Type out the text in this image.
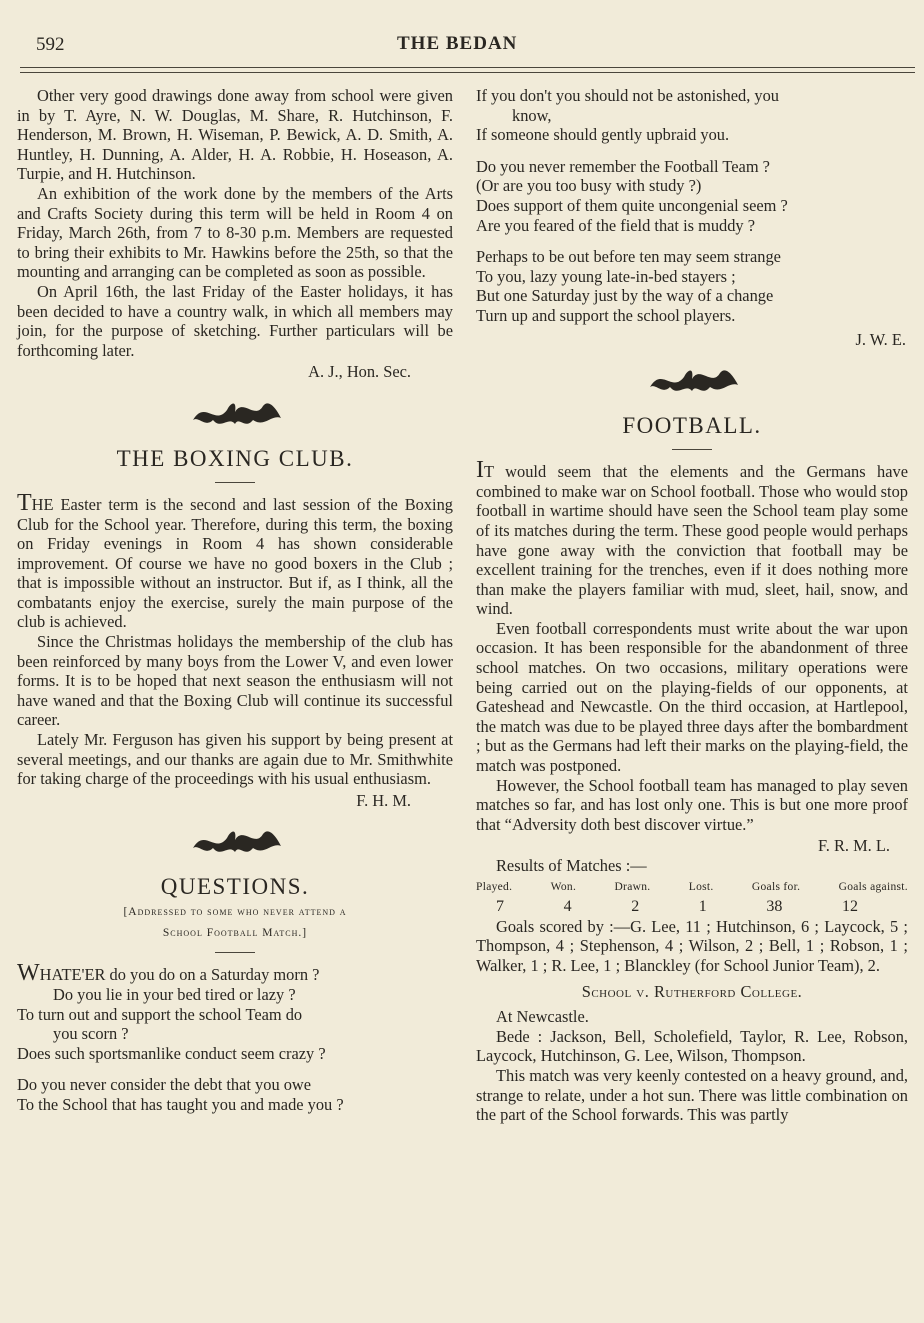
592	THE BEDAN

Other very good drawings done away from school were given in by T. Ayre, N. W. Douglas, M. Share, R. Hutchinson, F. Henderson, M. Brown, H. Wiseman, P. Bewick, A. D. Smith, A. Huntley, H. Dunning, A. Alder, H. A. Robbie, H. Hoseason, A. Turpie, and H. Hutchinson.

An exhibition of the work done by the members of the Arts and Crafts Society during this term will be held in Room 4 on Friday, March 26th, from 7 to 8-30 p.m. Members are requested to bring their exhibits to Mr. Hawkins before the 25th, so that the mounting and arranging can be completed as soon as possible.

On April 16th, the last Friday of the Easter holidays, it has been decided to have a country walk, in which all members may join, for the purpose of sketching. Further particulars will be forthcoming later.

A. J., Hon. Sec.

THE BOXING CLUB.

THE Easter term is the second and last session of the Boxing Club for the School year. Therefore, during this term, the boxing on Friday evenings in Room 4 has shown considerable improvement. Of course we have no good boxers in the Club ; that is impossible without an instructor. But if, as I think, all the combatants enjoy the exercise, surely the main purpose of the club is achieved.

Since the Christmas holidays the membership of the club has been reinforced by many boys from the Lower V, and even lower forms. It is to be hoped that next season the enthusiasm will not have waned and that the Boxing Club will continue its successful career.

Lately Mr. Ferguson has given his support by being present at several meetings, and our thanks are again due to Mr. Smithwhite for taking charge of the proceedings with his usual enthusiasm.

F. H. M.

QUESTIONS.
[Addressed to some who never attend a
School Football Match.]
WHATE'ER do you do on a Saturday morn ?
Do you lie in your bed tired or lazy ?
To turn out and support the school Team do
you scorn ?
Does such sportsmanlike conduct seem crazy ?
Do you never consider the debt that you owe
To the School that has taught you and made you ?
If you don't you should not be astonished, you
know,
If someone should gently upbraid you.
Do you never remember the Football Team ?
(Or are you too busy with study ?)
Does support of them quite uncongenial seem ?
Are you feared of the field that is muddy ?
Perhaps to be out before ten may seem strange
To you, lazy young late-in-bed stayers ;
But one Saturday just by the way of a change
Turn up and support the school players.

J. W. E.

FOOTBALL.

IT would seem that the elements and the Germans have combined to make war on School football. Those who would stop football in wartime should have seen the School team play some of its matches during the term. These good people would perhaps have gone away with the conviction that football may be excellent training for the trenches, even if it does nothing more than make the players familiar with mud, sleet, hail, snow, and wind.

Even football correspondents must write about the war upon occasion. It has been responsible for the abandonment of three school matches. On two occasions, military operations were being carried out on the playing-fields of our opponents, at Gateshead and Newcastle. On the third occasion, at Hartlepool, the match was due to be played three days after the bombardment ; but as the Germans had left their marks on the playing-field, the match was postponed.

However, the School football team has managed to play seven matches so far, and has lost only one. This is but one more proof that “Adversity doth best discover virtue.”

F. R. M. L.

Results of Matches :—

Played.	Won.	Drawn.	Lost.	Goals for.	Goals against.
7	4	2	1	38	12

Goals scored by :—G. Lee, 11 ; Hutchinson, 6 ; Laycock, 5 ; Thompson, 4 ; Stephenson, 4 ; Wilson, 2 ; Bell, 1 ; Robson, 1 ; Walker, 1 ; R. Lee, 1 ; Blanckley (for School Junior Team), 2.

School v. Rutherford College.

At Newcastle.

Bede : Jackson, Bell, Scholefield, Taylor, R. Lee, Robson, Laycock, Hutchinson, G. Lee, Wilson, Thompson.

This match was very keenly contested on a heavy ground, and, strange to relate, under a hot sun. There was little combination on the part of the School forwards. This was partly
